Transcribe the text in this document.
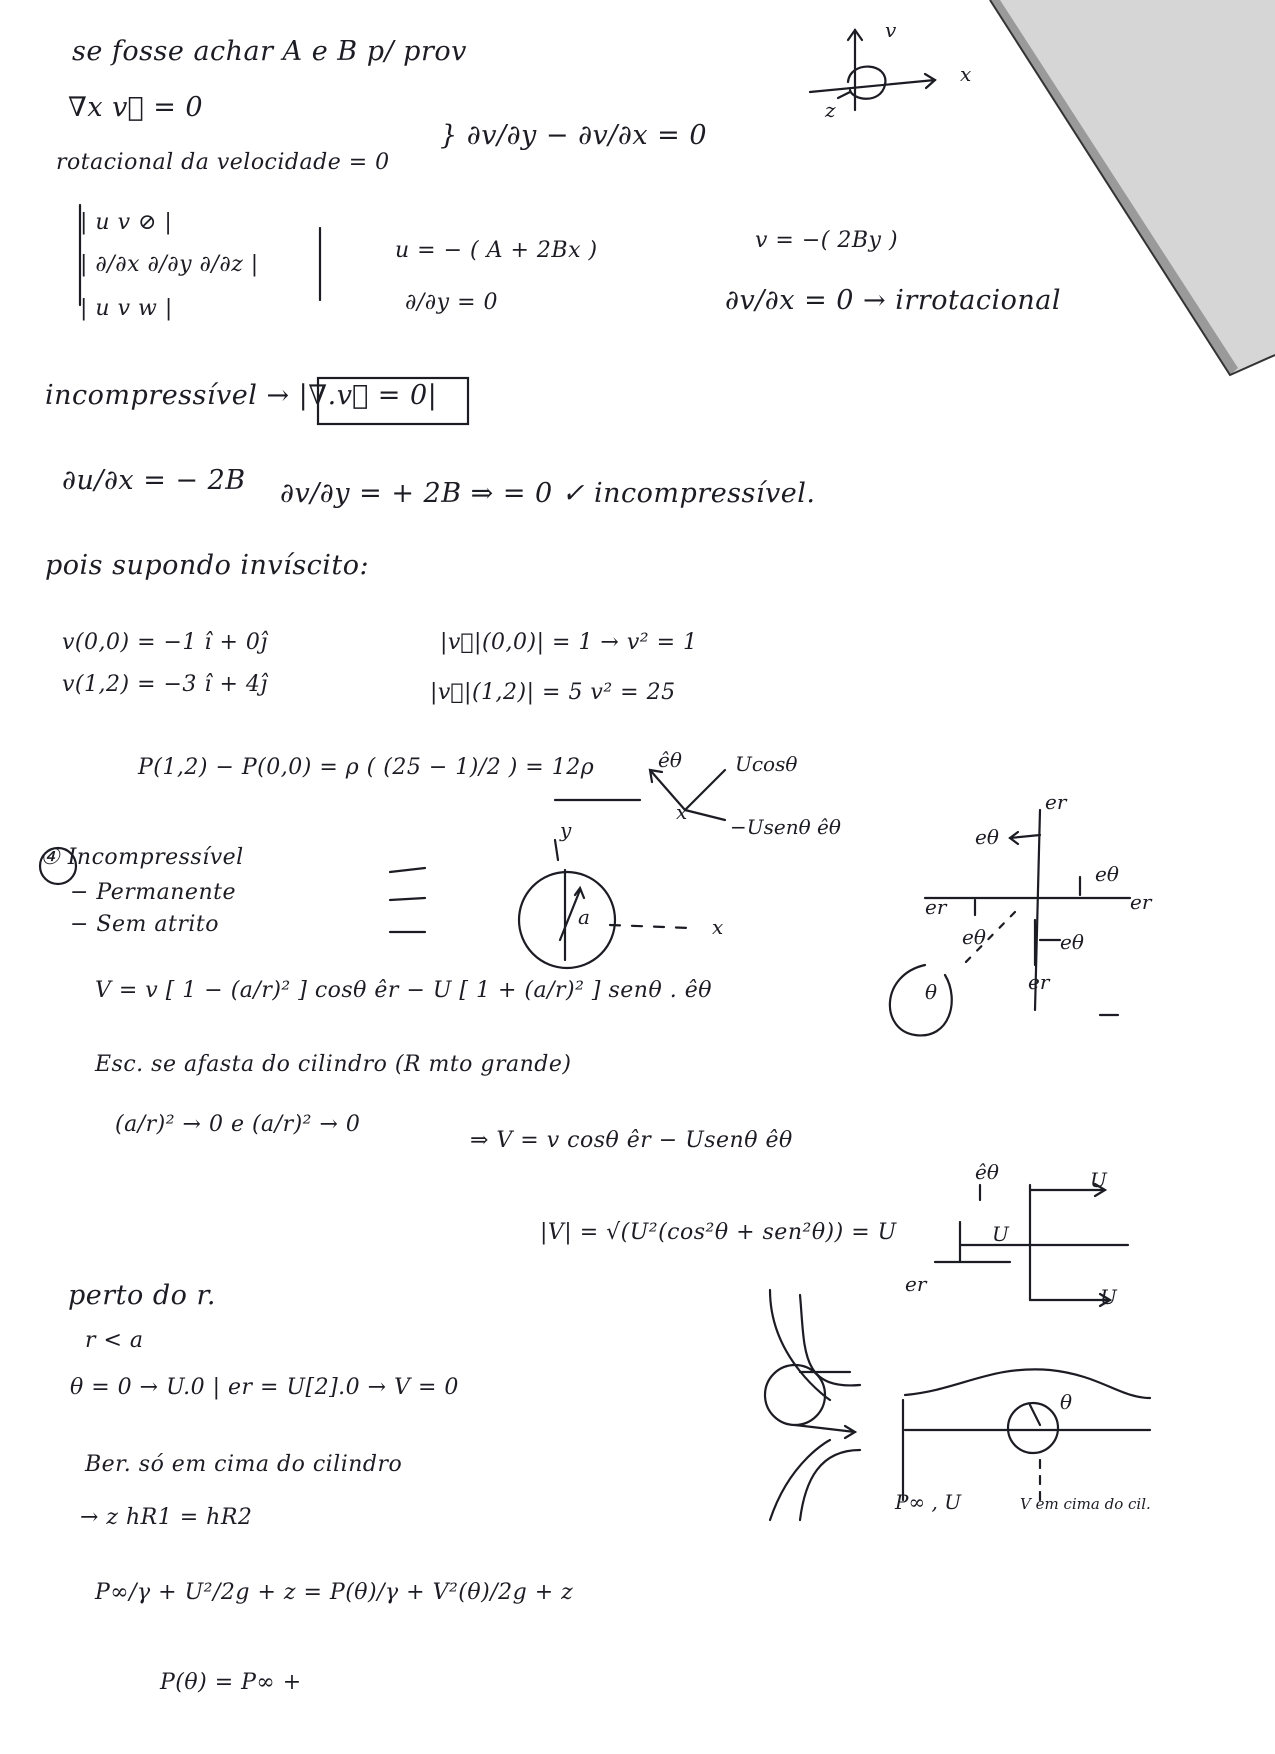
se fosse achar A e B p/ prov
∇x v⃗ = 0
rotacional da velocidade = 0
} ∂v/∂y − ∂v/∂x = 0
| u v ⊘ |
| ∂/∂x ∂/∂y ∂/∂z |
| u v w |
u = − ( A + 2Bx )
∂/∂y = 0
v = −( 2By )
∂v/∂x = 0 → irrotacional
incompressível → |∇.v⃗ = 0|
∂u/∂x = − 2B ∂v/∂y = + 2B ⇒ = 0 ✓ incompressível.
pois supondo invíscito:
v(0,0) = −1 î + 0ĵ
v(1,2) = −3 î + 4ĵ
|v⃗|(0,0)| = 1 → v² = 1
|v⃗|(1,2)| = 5 v² = 25
P(1,2) − P(0,0) = ρ ( (25 − 1)/2 ) = 12ρ
④ Incompressível
− Permanente
− Sem atrito
V = v [ 1 − (a/r)² ] cosθ êr − U [ 1 + (a/r)² ] senθ . êθ
Esc. se afasta do cilindro (R mto grande)
(a/r)² → 0 e (a/r)² → 0
⇒ V = v cosθ êr − Usenθ êθ
|V| = √(U²(cos²θ + sen²θ)) = U
perto do r.
r < a
θ = 0 → U.0 | er = U[2].0 → V = 0
Ber. só em cima do cilindro
→ z hR1 = hR2
P∞/γ + U²/2g + z = P(θ)/γ + V²(θ)/2g + z
P(θ) = P∞ +
v
x
z
êθ	Ucosθ
−Usenθ êθ
x
y
a	x
er
eθ
eθ
er
er
eθ	eθ
er
θ
êθ	U
U
U
er
P∞ , U	V em cima do cil.
θ
